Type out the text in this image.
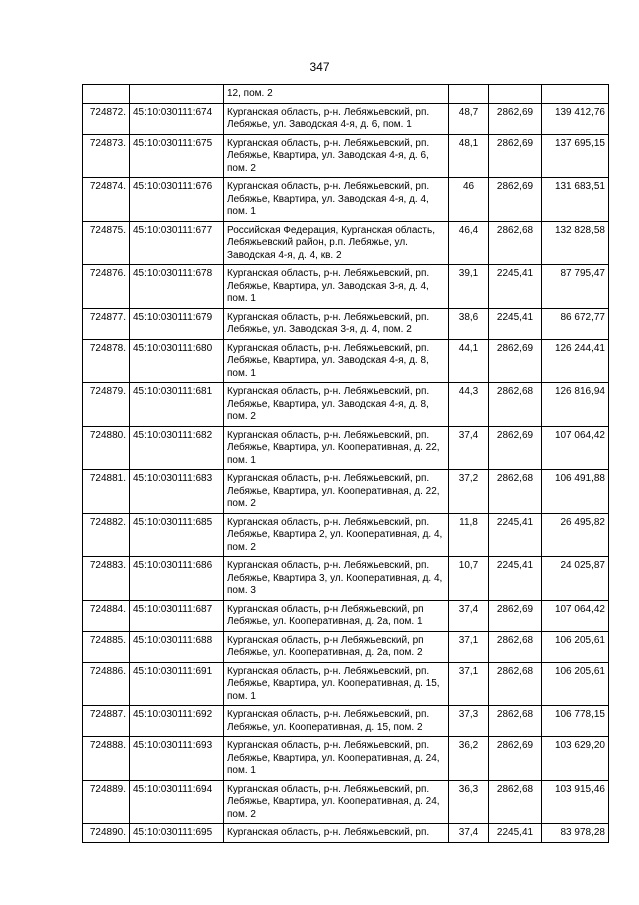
347
		12, пом. 2			
724872.	45:10:030111:674	Курганская область, р-н. Лебяжьевский, рп. Лебяжье, ул. Заводская 4-я, д. 6, пом. 1	48,7	2862,69	139 412,76
724873.	45:10:030111:675	Курганская область, р-н. Лебяжьевский, рп. Лебяжье, Квартира, ул. Заводская 4-я, д. 6, пом. 2	48,1	2862,69	137 695,15
724874.	45:10:030111:676	Курганская область, р-н. Лебяжьевский, рп. Лебяжье, Квартира, ул. Заводская 4-я, д. 4, пом. 1	46	2862,69	131 683,51
724875.	45:10:030111:677	Российская Федерация, Курганская область, Лебяжьевский район, р.п. Лебяжье, ул. Заводская 4-я, д. 4, кв. 2	46,4	2862,68	132 828,58
724876.	45:10:030111:678	Курганская область, р-н. Лебяжьевский, рп. Лебяжье, Квартира, ул. Заводская 3-я, д. 4, пом. 1	39,1	2245,41	87 795,47
724877.	45:10:030111:679	Курганская область, р-н. Лебяжьевский, рп. Лебяжье, ул. Заводская 3-я, д. 4, пом. 2	38,6	2245,41	86 672,77
724878.	45:10:030111:680	Курганская область, р-н. Лебяжьевский, рп. Лебяжье, Квартира, ул. Заводская 4-я, д. 8, пом. 1	44,1	2862,69	126 244,41
724879.	45:10:030111:681	Курганская область, р-н. Лебяжьевский, рп. Лебяжье, Квартира, ул. Заводская 4-я, д. 8, пом. 2	44,3	2862,68	126 816,94
724880.	45:10:030111:682	Курганская область, р-н. Лебяжьевский, рп. Лебяжье, Квартира, ул. Кооперативная, д. 22, пом. 1	37,4	2862,69	107 064,42
724881.	45:10:030111:683	Курганская область, р-н. Лебяжьевский, рп. Лебяжье, Квартира, ул. Кооперативная, д. 22, пом. 2	37,2	2862,68	106 491,88
724882.	45:10:030111:685	Курганская область, р-н. Лебяжьевский, рп. Лебяжье, Квартира 2, ул. Кооперативная, д. 4, пом. 2	11,8	2245,41	26 495,82
724883.	45:10:030111:686	Курганская область, р-н. Лебяжьевский, рп. Лебяжье, Квартира 3, ул. Кооперативная, д. 4, пом. 3	10,7	2245,41	24 025,87
724884.	45:10:030111:687	Курганская область, р-н Лебяжьевский, рп Лебяжье, ул. Кооперативная, д. 2а, пом. 1	37,4	2862,69	107 064,42
724885.	45:10:030111:688	Курганская область, р-н Лебяжьевский, рп Лебяжье, ул. Кооперативная, д. 2а, пом. 2	37,1	2862,68	106 205,61
724886.	45:10:030111:691	Курганская область, р-н. Лебяжьевский, рп. Лебяжье, Квартира, ул. Кооперативная, д. 15, пом. 1	37,1	2862,68	106 205,61
724887.	45:10:030111:692	Курганская область, р-н. Лебяжьевский, рп. Лебяжье, ул. Кооперативная, д. 15, пом. 2	37,3	2862,68	106 778,15
724888.	45:10:030111:693	Курганская область, р-н. Лебяжьевский, рп. Лебяжье, Квартира, ул. Кооперативная, д. 24, пом. 1	36,2	2862,69	103 629,20
724889.	45:10:030111:694	Курганская область, р-н. Лебяжьевский, рп. Лебяжье, Квартира, ул. Кооперативная, д. 24, пом. 2	36,3	2862,68	103 915,46
724890.	45:10:030111:695	Курганская область, р-н. Лебяжьевский, рп.	37,4	2245,41	83 978,28
